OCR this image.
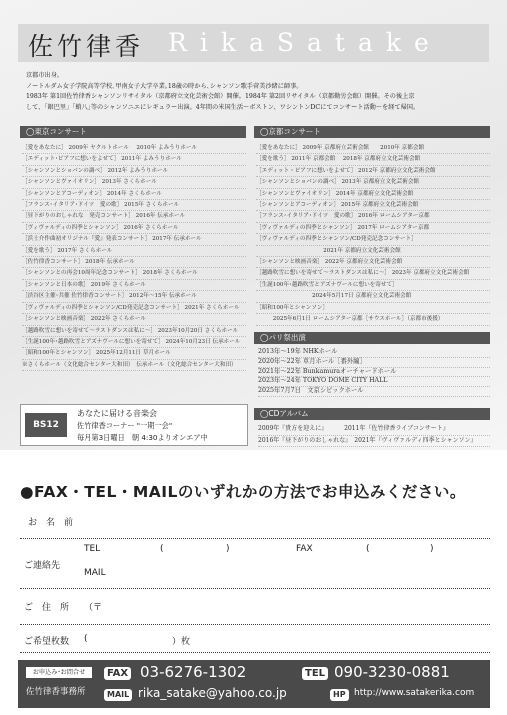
佐竹律香 RikaSatake
京都市出身。
ノートルダム女子学院高等学校､甲南女子大学卒業｡18歳の時から､シャンソン歌手菅美沙緒に師事。
1983年 第1回佐竹律香シャンソンリサイタル（京都府立文化芸術会館）開催。1984年 第2回リサイタル（京都勤労会館）開催。その後上京
して、「銀巴里」｢蛸八｣等のシャンソニエにレギュラー出演。4年間の米国生活～ボストン、ワシントンDCにてコンサート活動～を経て帰国。
◯東京コンサート
［愛をあなたに］ 2009年 ヤクルトホール　 2010年 よみうりホール
［エディット･ピアフに想いをよせて］ 2011年 よみうりホール
［シャンソンとショパンの調べ］ 2012年 よみうりホール
［シャンソンとヴァイオリン］ 2013年 さくらホール
［シャンソンとアコーディオン］ 2014年 さくらホール
［フランス･イタリア･ドイツ　愛の歌］ 2015年 さくらホール
［昼下がりのおしゃれな　発売コンサート］ 2016年 伝承ホール
［ヴィヴァルディの四季とシャンソン］ 2016年 さくらホール
［浜士介作曲初オリジナル『愛』発表コンサート］ 2017年 伝承ホール
［愛を歌う］ 2017年 さくらホール
［佐竹律香コンサート］ 2018年 伝承ホール
［シャンソンとの再会10周年記念コンサート］ 2018年 さくらホール
［シャンソンと日本の歌］ 2019年 さくらホール
［渋谷区主催･共催 佐竹律香コンサート］ 2012年～15年 伝承ホール
［ヴィヴァルディの四季とシャンソン/CD発売記念コンサート］ 2021年 さくらホール
［シャンソンと映画音楽］ 2022年 さくらホール
［越路吹雪に想いを寄せて～ラストダンスは私に～］ 2023年10月20日 さくらホール
［生誕100年･越路吹雪とアズナヴールに想いを寄せて］ 2024年10月23日 伝承ホール
［昭和100年とシャンソン］ 2025年12月11日 草月ホール
※さくらホール（文化総合センター大和田）　伝承ホール（文化総合センター大和田）
◯京都コンサート
［愛をあなたに］ 2009年 京都府立芸術会館　　2010年 京都会館
［愛を歌う］ 2011年 京都会館　 2018年 京都府立文化芸術会館
［エディット・ピアフに想いをよせて］ 2012年 京都府立文化芸術会館
［シャンソンとショパンの調べ］ 2013年 京都府立文化芸術会館
［シャンソンとヴァイオリン］ 2014年 京都府立文化芸術会館
［シャンソンとアコーディオン］ 2015年 京都府立文化芸術会館
［フランス･イタリア･ドイツ　愛の歌］ 2016年 ロームシアター京都
［ヴィヴァルディの四季とシャンソン］ 2017年 ロームシアター京都
［ヴィヴァルディの四季とシャンソン/CD発売記念コンサート］
　　　　　　　　　　　　2021年 京都府立文化芸術会館
［シャンソンと映画音楽］ 2022年 京都府立文化芸術会館
［越路吹雪に想いを寄せて～ラストダンスは私に～］ 2023年 京都府立文化芸術会館
［生誕100年･越路吹雪とアズナヴールに想いを寄せて］
　　　　　　　　　　2024年5月17日 京都府立文化芸術会館
［昭和100年とシャンソン］
　　　2025年6月1日 ロームシアター京都［サウスホール］（京都市後援）
◯パリ祭出演
2013年～19年 NHKホール
2020年～22年 草月ホール［番外編］
2021年～22年 Bunkamuraオーチャードホール
2023年～24年 TOKYO DOME CITY HALL
2025年7月7日　文京シビックホール
◯CDアルバム
2009年『貴方を迎えに』　　　 2011年『佐竹律香ライブコンサート』
2016年『昼下がりのおしゃれな』　2021年『ヴィヴァルディ四季とシャンソン』
BS12
あなたに届ける音楽会
佐竹律香コーナー "一期一会"
毎月第3日曜日　朝 4:30よりオンエア中
●FAX・TEL・MAILのいずれかの方法でお申込みください。
お　名　前
ご連絡先
TEL	(	)	FAX	(	)
MAIL
ご　住　所 （〒
ご希望枚数 (	）枚
お申込み･お問合せ
佐竹律香事務所
FAX 03-6276-1302	TEL 090-3230-0881
MAIL rika_satake@yahoo.co.jp	HP http://www.satakerika.com
